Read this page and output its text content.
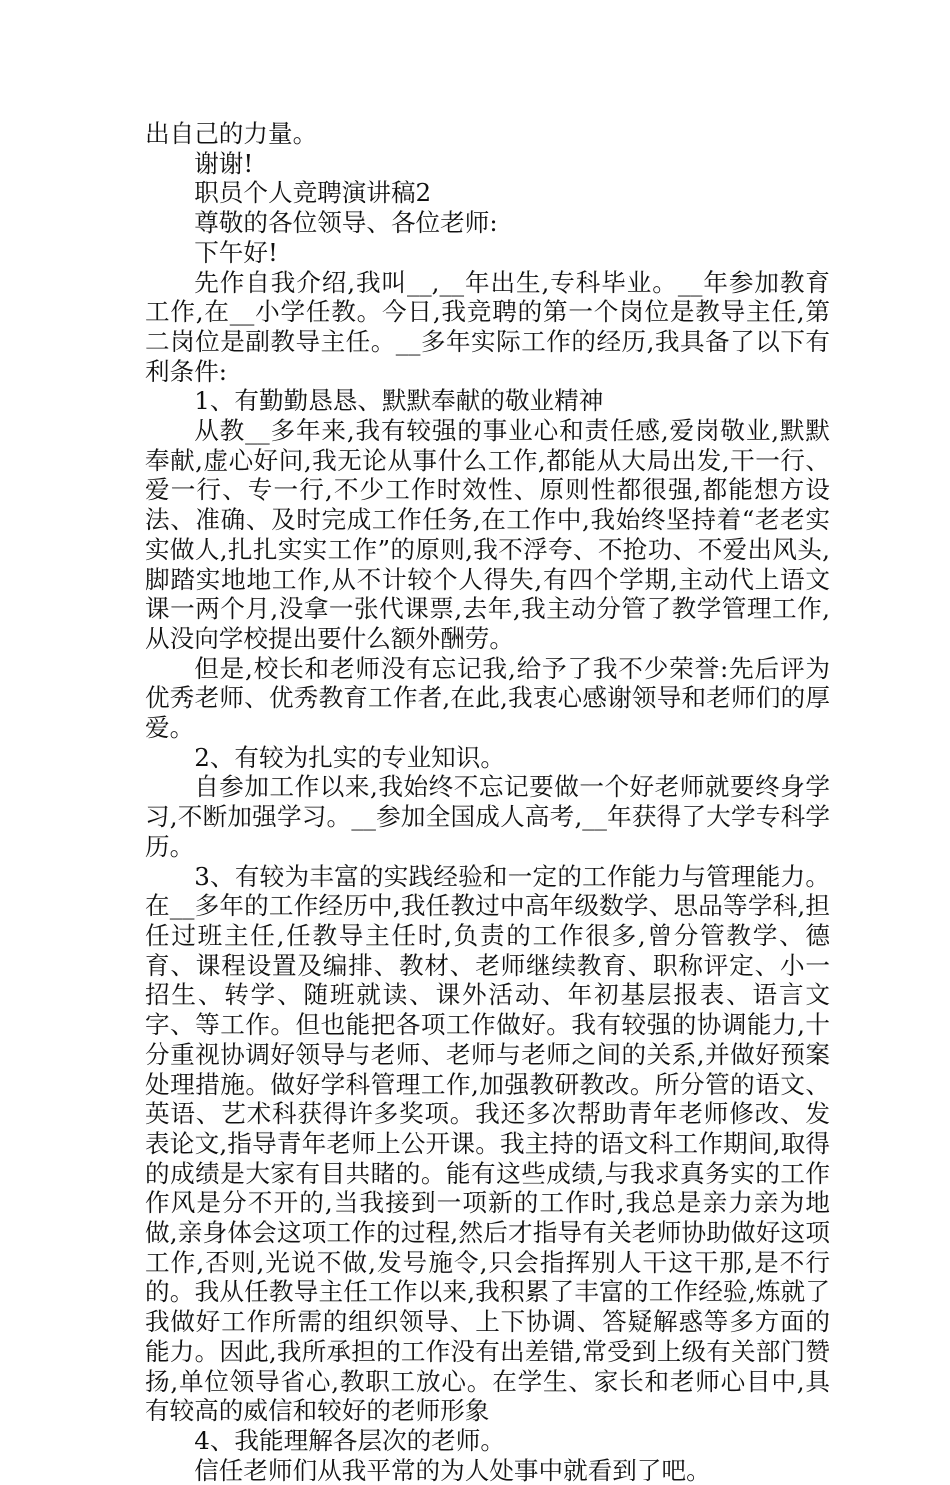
出自己的力量。

谢谢!

职员个人竞聘演讲稿2

尊敬的各位领导、各位老师:

下午好!

先作自我介绍,我叫__,__年出生,专科毕业。__年参加教育工作,在__小学任教。今日,我竞聘的第一个岗位是教导主任,第二岗位是副教导主任。__多年实际工作的经历,我具备了以下有利条件:

1、有勤勤恳恳、默默奉献的敬业精神

从教__多年来,我有较强的事业心和责任感,爱岗敬业,默默奉献,虚心好问,我无论从事什么工作,都能从大局出发,干一行、爱一行、专一行,不少工作时效性、原则性都很强,都能想方设法、准确、及时完成工作任务,在工作中,我始终坚持着“老老实实做人,扎扎实实工作”的原则,我不浮夸、不抢功、不爱出风头,脚踏实地地工作,从不计较个人得失,有四个学期,主动代上语文课一两个月,没拿一张代课票,去年,我主动分管了教学管理工作,从没向学校提出要什么额外酬劳。

但是,校长和老师没有忘记我,给予了我不少荣誉:先后评为优秀老师、优秀教育工作者,在此,我衷心感谢领导和老师们的厚爱。

2、有较为扎实的专业知识。

自参加工作以来,我始终不忘记要做一个好老师就要终身学习,不断加强学习。__参加全国成人高考,__年获得了大学专科学历。

3、有较为丰富的实践经验和一定的工作能力与管理能力。在__多年的工作经历中,我任教过中高年级数学、思品等学科,担任过班主任,任教导主任时,负责的工作很多,曾分管教学、德育、课程设置及编排、教材、老师继续教育、职称评定、小一招生、转学、随班就读、课外活动、年初基层报表、语言文字、等工作。但也能把各项工作做好。我有较强的协调能力,十分重视协调好领导与老师、老师与老师之间的关系,并做好预案处理措施。做好学科管理工作,加强教研教改。所分管的语文、英语、艺术科获得许多奖项。我还多次帮助青年老师修改、发表论文,指导青年老师上公开课。我主持的语文科工作期间,取得的成绩是大家有目共睹的。能有这些成绩,与我求真务实的工作作风是分不开的,当我接到一项新的工作时,我总是亲力亲为地做,亲身体会这项工作的过程,然后才指导有关老师协助做好这项工作,否则,光说不做,发号施令,只会指挥别人干这干那,是不行的。我从任教导主任工作以来,我积累了丰富的工作经验,炼就了我做好工作所需的组织领导、上下协调、答疑解惑等多方面的能力。因此,我所承担的工作没有出差错,常受到上级有关部门赞扬,单位领导省心,教职工放心。在学生、家长和老师心目中,具有较高的威信和较好的老师形象

4、我能理解各层次的老师。

信任老师们从我平常的为人处事中就看到了吧。
